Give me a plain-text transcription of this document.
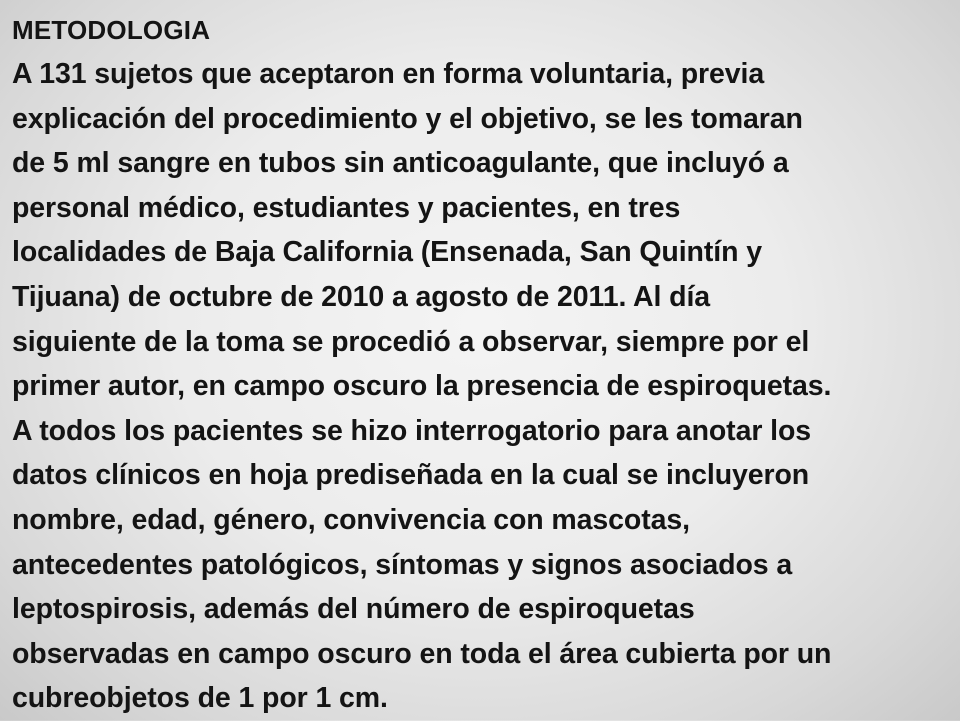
METODOLOGIA
A 131 sujetos que aceptaron en forma voluntaria, previa
explicación del procedimiento y el objetivo, se les tomaran
de 5 ml sangre en tubos sin anticoagulante, que incluyó a
personal médico, estudiantes y pacientes, en tres
localidades de Baja California (Ensenada, San Quintín y
Tijuana) de octubre de 2010 a agosto de 2011. Al día
siguiente de la toma se procedió a observar, siempre por el
primer autor, en campo oscuro la presencia de espiroquetas.
A todos los pacientes se hizo interrogatorio para anotar los
datos clínicos en hoja prediseñada en la cual se incluyeron
nombre, edad, género, convivencia con mascotas,
antecedentes patológicos, síntomas y signos asociados a
leptospirosis, además del número de espiroquetas
observadas en campo oscuro en toda el área cubierta por un
cubreobjetos de 1 por 1 cm.
